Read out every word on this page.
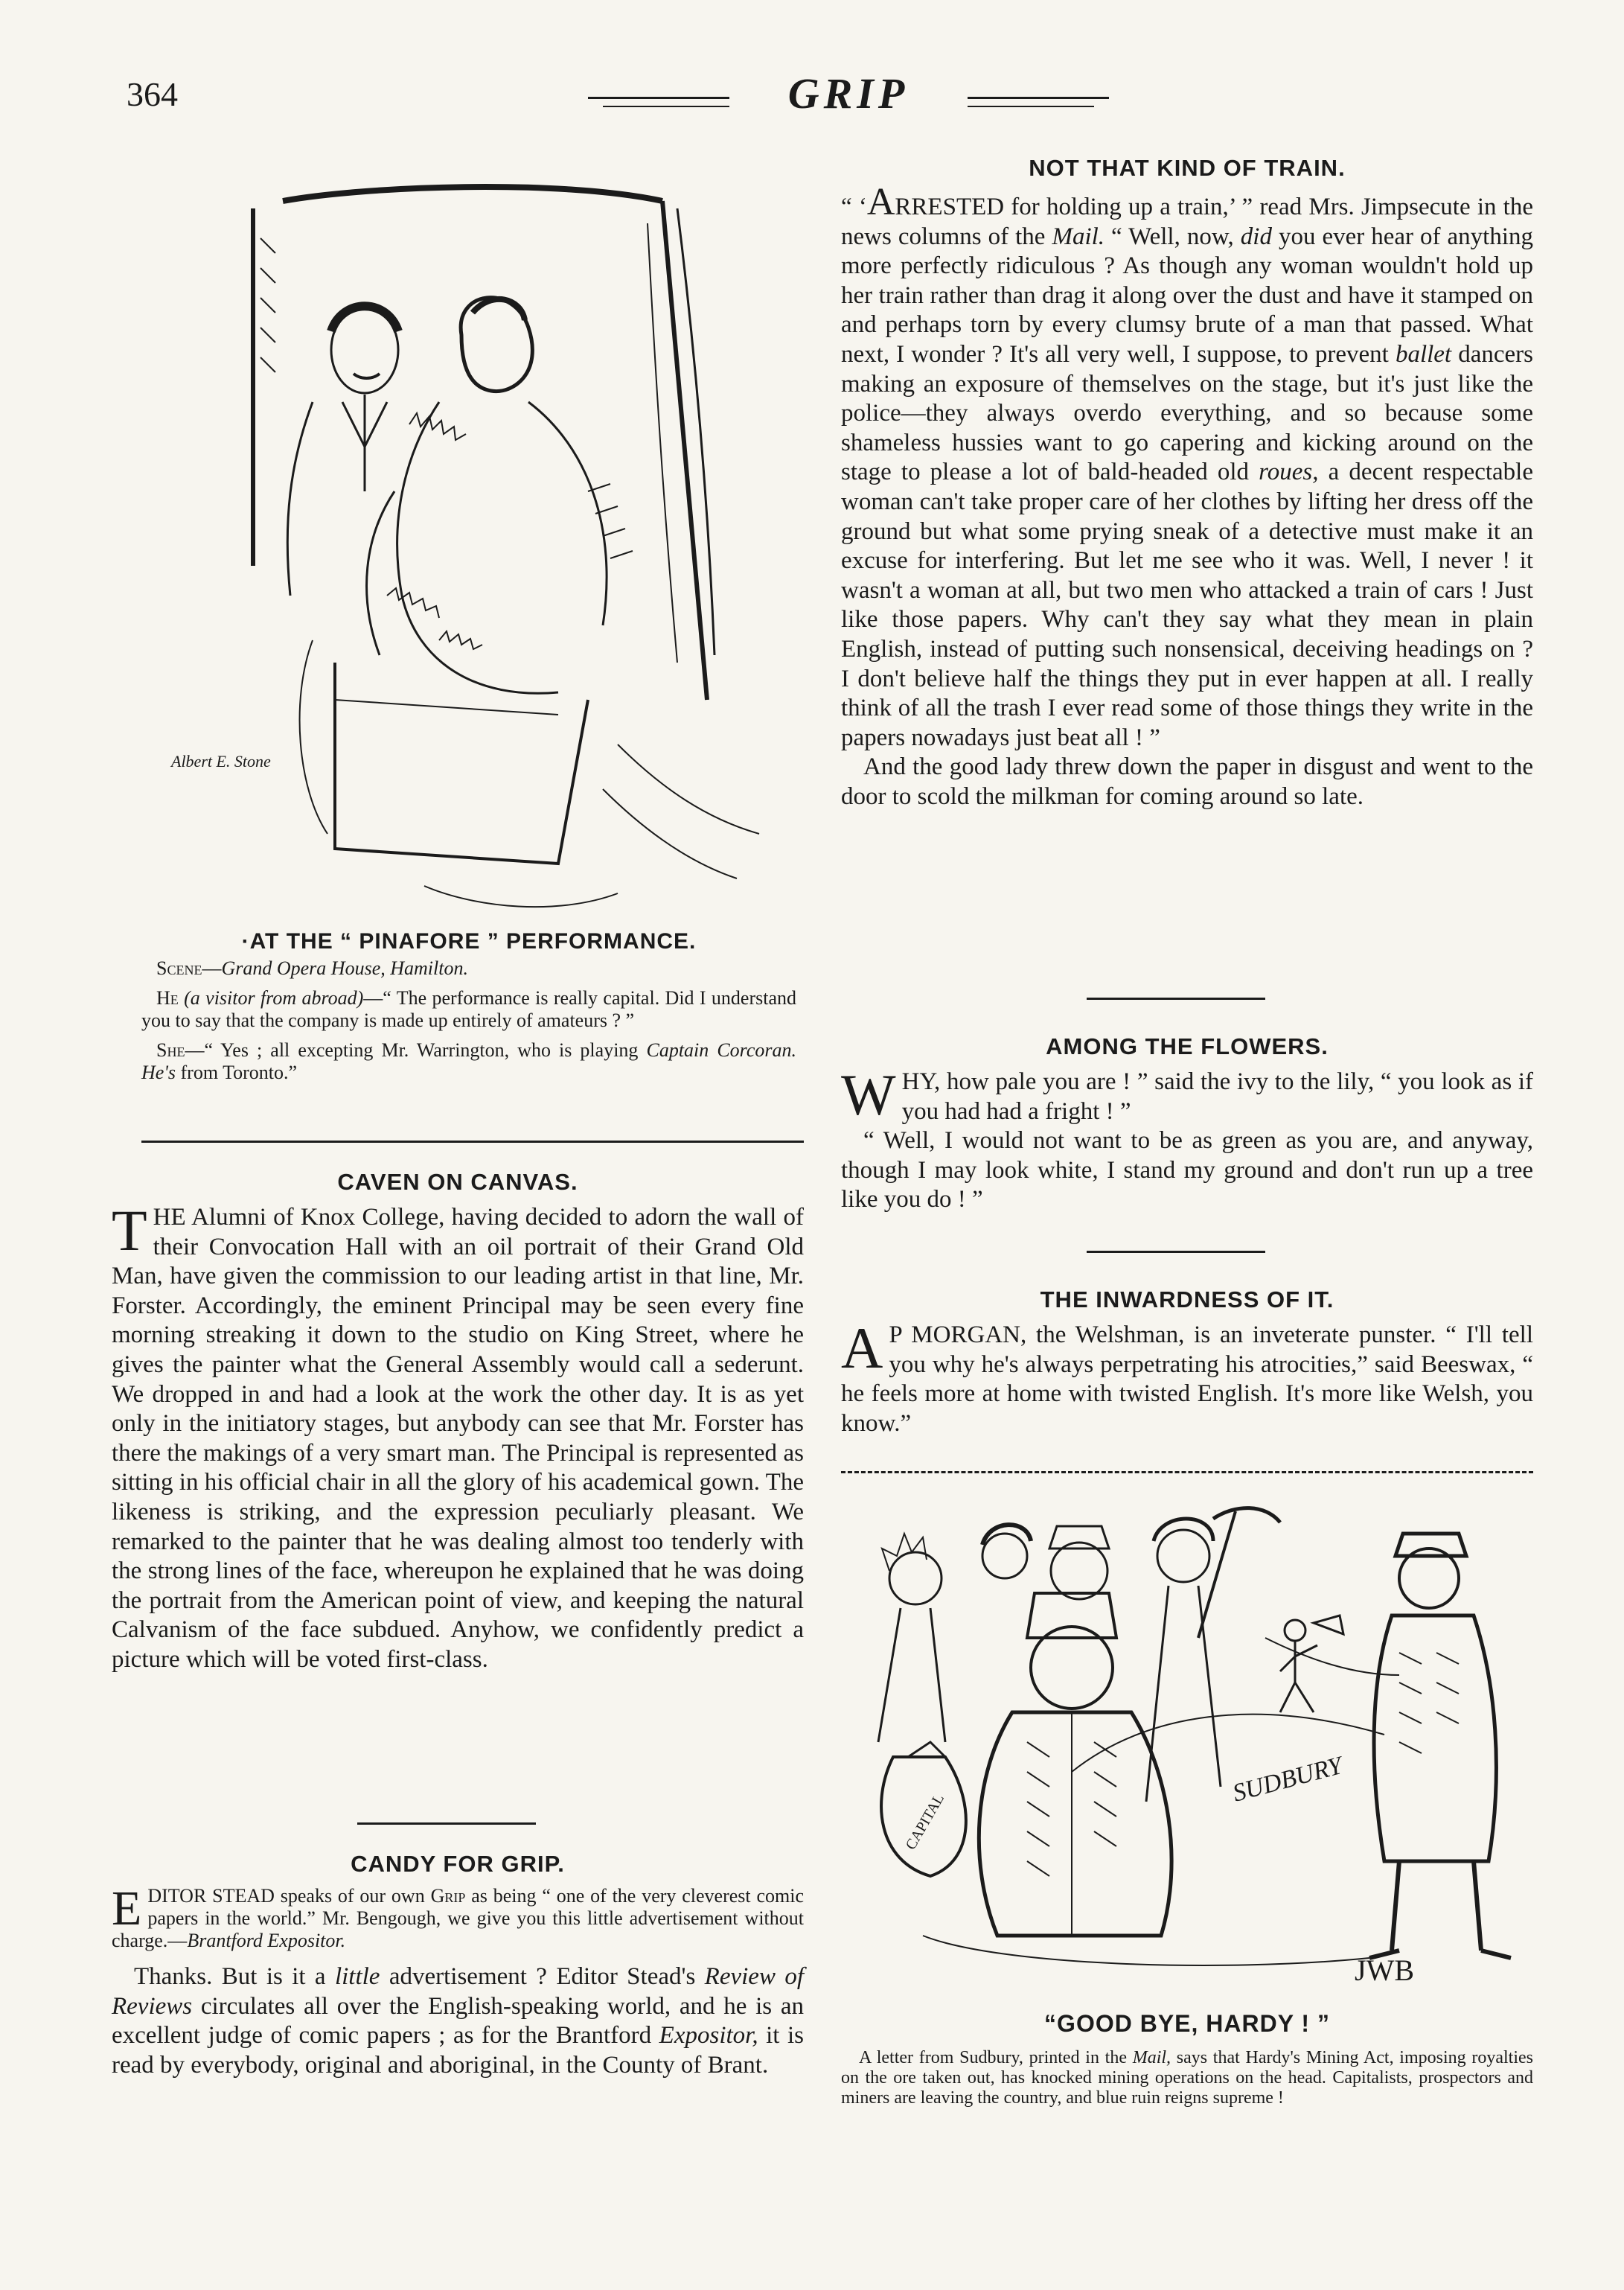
364	GRIP
Albert E. Stone
·AT THE “ PINAFORE ” PERFORMANCE.
Scene—Grand Opera House, Hamilton.
He (a visitor from abroad)—“ The performance is really capital. Did I understand you to say that the company is made up entirely of amateurs ? ”
She—“ Yes ; all excepting Mr. Warrington, who is playing Captain Corcoran. He's from Toronto.”
CAVEN ON CANVAS.

THE Alumni of Knox College, having decided to adorn the wall of their Convocation Hall with an oil portrait of their Grand Old Man, have given the commission to our leading artist in that line, Mr. Forster. Accordingly, the eminent Principal may be seen every fine morning streaking it down to the studio on King Street, where he gives the painter what the General Assembly would call a sederunt. We dropped in and had a look at the work the other day. It is as yet only in the initiatory stages, but anybody can see that Mr. Forster has there the makings of a very smart man. The Principal is represented as sitting in his official chair in all the glory of his academical gown. The likeness is striking, and the expression peculiarly pleasant. We remarked to the painter that he was dealing almost too tenderly with the strong lines of the face, whereupon he explained that he was doing the portrait from the American point of view, and keeping the natural Calvanism of the face subdued. Anyhow, we confidently predict a picture which will be voted first-class.

CANDY FOR GRIP.
EDITOR STEAD speaks of our own Grip as being “ one of the very cleverest comic papers in the world.” Mr. Bengough, we give you this little advertisement without charge.—Brantford Expositor.

Thanks. But is it a little advertisement ? Editor Stead's Review of Reviews circulates all over the English-speaking world, and he is an excellent judge of comic papers ; as for the Brantford Expositor, it is read by everybody, original and aboriginal, in the County of Brant.

NOT THAT KIND OF TRAIN.

“ ‘ARRESTED for holding up a train,’ ” read Mrs. Jimpsecute in the news columns of the Mail. “ Well, now, did you ever hear of anything more perfectly ridiculous ? As though any woman wouldn't hold up her train rather than drag it along over the dust and have it stamped on and perhaps torn by every clumsy brute of a man that passed. What next, I wonder ? It's all very well, I suppose, to prevent ballet dancers making an exposure of themselves on the stage, but it's just like the police—they always overdo everything, and so because some shameless hussies want to go capering and kicking around on the stage to please a lot of bald-headed old roues, a decent respectable woman can't take proper care of her clothes by lifting her dress off the ground but what some prying sneak of a detective must make it an excuse for interfering. But let me see who it was. Well, I never ! it wasn't a woman at all, but two men who attacked a train of cars ! Just like those papers. Why can't they say what they mean in plain English, instead of putting such nonsensical, deceiving headings on ? I don't believe half the things they put in ever happen at all. I really think of all the trash I ever read some of those things they write in the papers nowadays just beat all ! ”

And the good lady threw down the paper in disgust and went to the door to scold the milkman for coming around so late.

AMONG THE FLOWERS.

WHY, how pale you are ! ” said the ivy to the lily, “ you look as if you had had a fright ! ”

“ Well, I would not want to be as green as you are, and anyway, though I may look white, I stand my ground and don't run up a tree like you do ! ”

THE INWARDNESS OF IT.

A P MORGAN, the Welshman, is an inveterate punster. “ I'll tell you why he's always perpetrating his atrocities,” said Beeswax, “ he feels more at home with twisted English. It's more like Welsh, you know.”

CAPITAL
SUDBURY
JWB
“GOOD BYE, HARDY ! ”
A letter from Sudbury, printed in the Mail, says that Hardy's Mining Act, imposing royalties on the ore taken out, has knocked mining operations on the head. Capitalists, prospectors and miners are leaving the country, and blue ruin reigns supreme !
